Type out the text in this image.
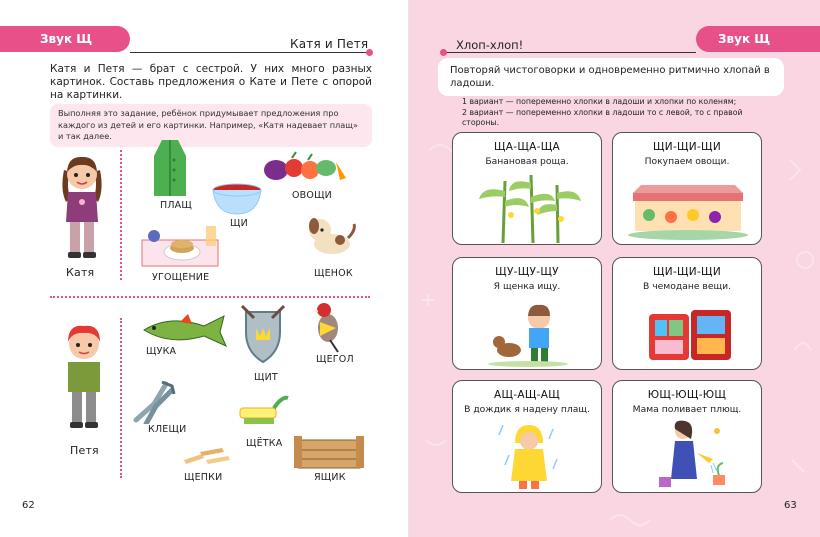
Звук Щ	Катя и Петя
Катя и Петя — брат с сестрой. У них много разных картинок. Составь предложения о Кате и Пете с опорой на картинки.
Выполняя это задание, ребёнок придумывает предложения про каждого из детей и его картинки. Например, «Катя надевает плащ» и так далее.
Катя
ПЛАЩ
ОВОЩИ
ЩИ
УГОЩЕНИЕ	ЩЕНОК
Петя
ЩУКА
ЩИТ
ЩЕГОЛ
КЛЕЩИ
ЩЁТКА
ЩЕПКИ	ЯЩИК
62
Звук Щ
Хлоп-хлоп!
Повторяй чистоговорки и одновременно ритмично хлопай в ладоши.
1 вариант — попеременно хлопки в ладоши и хлопки по коленям;
2 вариант — попеременно хлопки в ладоши то с левой, то с правой стороны.
ЩА-ЩА-ЩА
Банановая роща.
ЩИ-ЩИ-ЩИ
Покупаем овощи.
ЩУ-ЩУ-ЩУ
Я щенка ищу.
ЩИ-ЩИ-ЩИ
В чемодане вещи.
АЩ-АЩ-АЩ
В дождик я надену плащ.
ЮЩ-ЮЩ-ЮЩ
Мама поливает плющ.
63
